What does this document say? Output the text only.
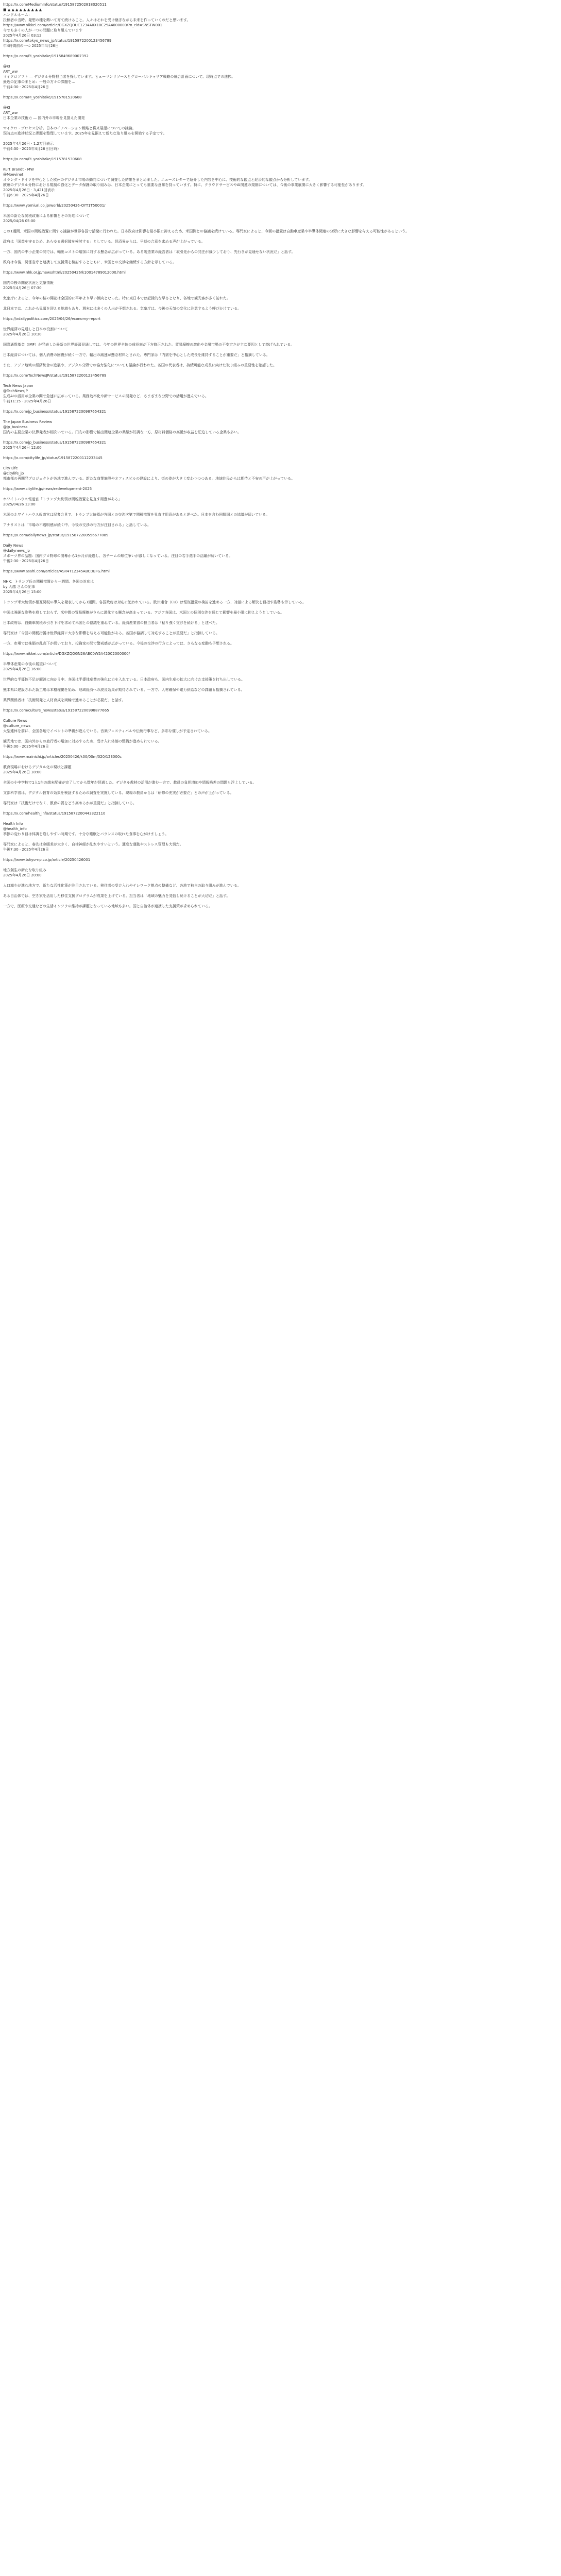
https://x.com/MediumInfo/status/1915872502818020511
■ ▲ ▲ ▲ ▲ ▲ ▲ ▲ ▲ ▲
ハンドルネーム：
投稿者の当時。発想の種を蒔いて育て続けること。人々はそれを受け継ぎながら未来を作っていくのだと思います。
https://www.nikkei.com/article/DGXZQOUC1234A0X10C25A4000000/?n_cid=SNSTW001
今でも多くの人が一つの問題に取り組んでいます
2025年4月26日 03:12
https://x.com/tokyo_news_jp/status/1915872200123456789
年4時間前の一つ 2025年4月26日
https://x.com/PI_yoshitake/1915849689007392
@KI
ART_ww
マイクロソフト — デジタル分野担当者を探しています。ヒューマンリソースとグローバルキャリア戦略の統合計画について。現時点での進捗。
最近の記事のまとめ：一般の方々の課題を…
午前4:30 · 2025年4月26日
https://x.com/PI_yoshitake/1915781530608
@KI
ART_ww
日本企業の技術力 — 国内外の市場を見据えた開発
マイクロ・プロセス分析。日本のイノベーション戦略と将来展望についての議論。
現時点の進捗状況と課題を整理しています。2025年を見据えて新たな取り組みを開始する予定です。
2025年4月26日 · 1.2万回表示
午前4:30 · 2025年4月26日(日時)
https://x.com/PI_yoshitake/1915781530608
Kurt Brandt · MW
@Moevinet
オランダ・ドイツを中心とした欧州のデジタル市場の動向について調査した結果をまとめました。ニュースレターで紹介した内容を中心に、技術的な観点と経済的な観点から分析しています。
欧州のデジタル分野における規制の強化とデータ保護の取り組みは、日本企業にとっても重要な意味を持っています。特に、クラウドサービスやAI関連の規制については、今後の事業展開に大きく影響する可能性があります。
2025年4月26日 · 3,421回表示
午前6:30 · 2025年4月26日
https://www.yomiuri.co.jp/world/20250426-OYT1T50001/
米国の新たな関税政策による影響とその対応について
2025/04/26 05:00
この1週間、米国の関税措置に関する議論が世界各国で活発に行われた。日本政府は影響を最小限に抑えるため、米国側との協議を続けている。専門家によると、今回の措置は自動車産業や半導体関連の分野に大きな影響を与える可能性があるという。
政府は「国益を守るため、あらゆる選択肢を検討する」としている。経済界からは、早期の合意を求める声が上がっている。
一方、国内の中小企業の間では、輸出コストの増加に対する懸念が広がっている。ある製造業の経営者は「取引先からの発注が減少しており、先行きが見通せない状況だ」と話す。
政府は今後、関係省庁と連携して支援策を検討するとともに、米国との交渉を継続する方針を示している。
https://www.nhk.or.jp/news/html/20250426/k10014789012000.html
国内の桜の開花状況と気象情報
2025年4月26日 07:30
気象庁によると、今年の桜の開花は全国的に平年より早い傾向となった。特に東日本では記録的な早さとなり、各地で観光客が多く訪れた。
北日本では、これから見頃を迎える地域もあり、週末には多くの人出が予想される。気象庁は、今後の天気の変化に注意するよう呼びかけている。
https://xdailypolitics.com/2025/04/26/economy-report
世界経済の見通しと日本の役割について
2025年4月26日 10:30
国際通貨基金（IMF）が発表した最新の世界経済見通しでは、今年の世界全体の成長率が下方修正された。貿易摩擦の激化や金融市場の不安定さが主な要因として挙げられている。
日本経済については、個人消費の回復が続く一方で、輸出の減速が懸念材料とされた。専門家は「内需を中心とした成長を維持することが重要だ」と指摘している。
また、アジア地域の経済統合の進展や、デジタル分野での協力強化についても議論が行われた。各国の代表者は、持続可能な成長に向けた取り組みの重要性を確認した。
https://x.com/TechNewsJP/status/1915872200123456789
Tech News Japan
@TechNewsJP
生成AIの活用が企業の間で急速に広がっている。業務効率化や新サービスの開発など、さまざまな分野での活用が進んでいる。
午前11:15 · 2025年4月26日
https://x.com/jp_business/status/1915872200987654321
The Japan Business Review
@jp_business
国内の主要企業の決算発表が相次いでいる。円安の影響で輸出関連企業の業績が好調な一方、原材料価格の高騰が収益を圧迫している企業も多い。
https://x.com/jp_business/status/1915872200987654321
2025年4月26日 12:00
https://x.com/citylife_jp/status/1915872200112233445
City Life
@citylife_jp
都市部の再開発プロジェクトが各地で進んでいる。新たな商業施設やオフィスビルの建設により、街の姿が大きく変わりつつある。地域住民からは期待と不安の声が上がっている。
https://www.citylife.jp/news/redevelopment-2025
ホワイトハウス報道官「トランプ大統領は関税措置を見直す用意がある」
2025/04/26 13:00
米国のホワイトハウス報道官は記者会見で、トランプ大統領が各国との交渉次第で関税措置を見直す用意があると述べた。日本を含む同盟国との協議が続いている。
アナリストは「市場の不透明感が続く中、今後の交渉の行方が注目される」と話している。
https://x.com/dailynews_jp/status/1915872200556677889
Daily News
@dailynews_jp
スポーツ界の話題：国内プロ野球の開幕から1か月が経過し、各チームの順位争いが激しくなっている。注目の若手選手の活躍が続いている。
午後2:30 · 2025年4月26日
https://www.asahi.com/articles/ASR4T12345ABCDEFG.html
NHK：トランプ氏の関税措置から一週間、各国の対応は
by 大越 さんの記事
2025年4月26日 15:00
トランプ米大統領が相互関税の導入を発表してから1週間。各国政府は対応に追われている。欧州連合（EU）は報復措置の検討を進める一方、対話による解決を目指す姿勢も示している。
中国は強硬な姿勢を崩しておらず、米中間の貿易摩擦がさらに激化する懸念が高まっている。アジア各国は、米国との個別交渉を通じて影響を最小限に抑えようとしている。
日本政府は、自動車関税の引き下げを求めて米国との協議を重ねている。経済産業省の担当者は「粘り強く交渉を続ける」と述べた。
専門家は「今回の関税措置は世界経済に大きな影響を与える可能性がある。各国が協調して対応することが重要だ」と指摘している。
一方、市場では株価の乱高下が続いており、投資家の間で警戒感が広がっている。今後の交渉の行方によっては、さらなる変動も予想される。
https://www.nikkei.com/article/DGXZQOGN26ABC0W5A420C2000000/
半導体産業の今後の展望について
2025年4月26日 16:00
世界的な半導体不足が解消に向かう中、各国は半導体産業の強化に力を入れている。日本政府も、国内生産の拡大に向けた支援策を打ち出している。
熊本県に建設された新工場は本格稼働を始め、地域経済への波及効果が期待されている。一方で、人材確保や電力供給などの課題も指摘されている。
業界関係者は「技術開発と人材育成を両輪で進めることが必要だ」と話す。
https://x.com/culture_news/status/1915872200998877665
Culture News
@culture_news
大型連休を前に、全国各地でイベントの準備が進んでいる。音楽フェスティバルや伝統行事など、多彩な催しが予定されている。
観光地では、国内外からの旅行者の増加に対応するため、受け入れ体制の整備が進められている。
午後5:00 · 2025年4月26日
https://www.mainichi.jp/articles/20250426/k00/00m/020/123000c
教育現場におけるデジタル化の現状と課題
2025年4月26日 18:00
全国の小中学校で1人1台の端末配備が完了してから数年が経過した。デジタル教材の活用が進む一方で、教員の負担増加や情報格差の問題も浮上している。
文部科学省は、デジタル教育の効果を検証するための調査を実施している。現場の教員からは「研修の充実が必要だ」との声が上がっている。
専門家は「技術だけでなく、教育の質をどう高めるかが重要だ」と指摘している。
https://x.com/health_info/status/1915872200443322110
Health Info
@health_info
季節の変わり目は体調を崩しやすい時期です。十分な睡眠とバランスの取れた食事を心がけましょう。
専門家によると、春先は寒暖差が大きく、自律神経が乱れやすいという。適度な運動やストレス管理も大切だ。
午後7:30 · 2025年4月26日
https://www.tokyo-np.co.jp/article/20250426001
地方創生の新たな取り組み
2025年4月26日 20:00
人口減少が進む地方で、新たな活性化策が注目されている。移住者の受け入れやテレワーク拠点の整備など、各地で独自の取り組みが進んでいる。
ある自治体では、空き家を活用した移住支援プログラムが成果を上げている。担当者は「地域の魅力を発信し続けることが大切だ」と話す。
一方で、医療や交通などの生活インフラの維持が課題となっている地域も多い。国と自治体が連携した支援策が求められている。
